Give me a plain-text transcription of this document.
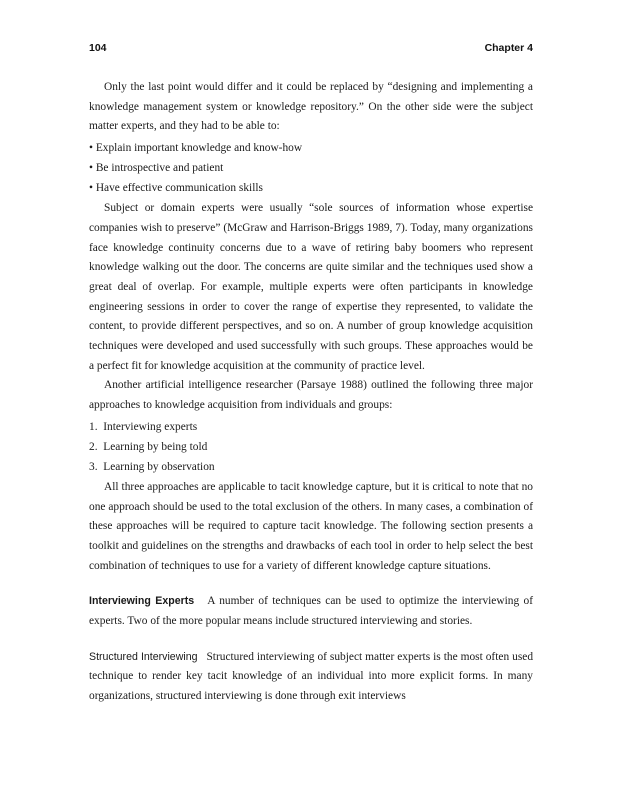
104	Chapter 4

Only the last point would differ and it could be replaced by “designing and implementing a knowledge management system or knowledge repository.” On the other side were the subject matter experts, and they had to be able to:

• Explain important knowledge and know-how
• Be introspective and patient
• Have effective communication skills

Subject or domain experts were usually “sole sources of information whose expertise companies wish to preserve” (McGraw and Harrison-Briggs 1989, 7). Today, many organizations face knowledge continuity concerns due to a wave of retiring baby boomers who represent knowledge walking out the door. The concerns are quite similar and the techniques used show a great deal of overlap. For example, multiple experts were often participants in knowledge engineering sessions in order to cover the range of expertise they represented, to validate the content, to provide different perspectives, and so on. A number of group knowledge acquisition techniques were developed and used successfully with such groups. These approaches would be a perfect fit for knowledge acquisition at the community of practice level.

Another artificial intelligence researcher (Parsaye 1988) outlined the following three major approaches to knowledge acquisition from individuals and groups:

1.  Interviewing experts
2.  Learning by being told
3.  Learning by observation

All three approaches are applicable to tacit knowledge capture, but it is critical to note that no one approach should be used to the total exclusion of the others. In many cases, a combination of these approaches will be required to capture tacit knowledge. The following section presents a toolkit and guidelines on the strengths and drawbacks of each tool in order to help select the best combination of techniques to use for a variety of different knowledge capture situations.

Interviewing Experts A number of techniques can be used to optimize the interviewing of experts. Two of the more popular means include structured interviewing and stories.

Structured Interviewing Structured interviewing of subject matter experts is the most often used technique to render key tacit knowledge of an individual into more explicit forms. In many organizations, structured interviewing is done through exit interviews
